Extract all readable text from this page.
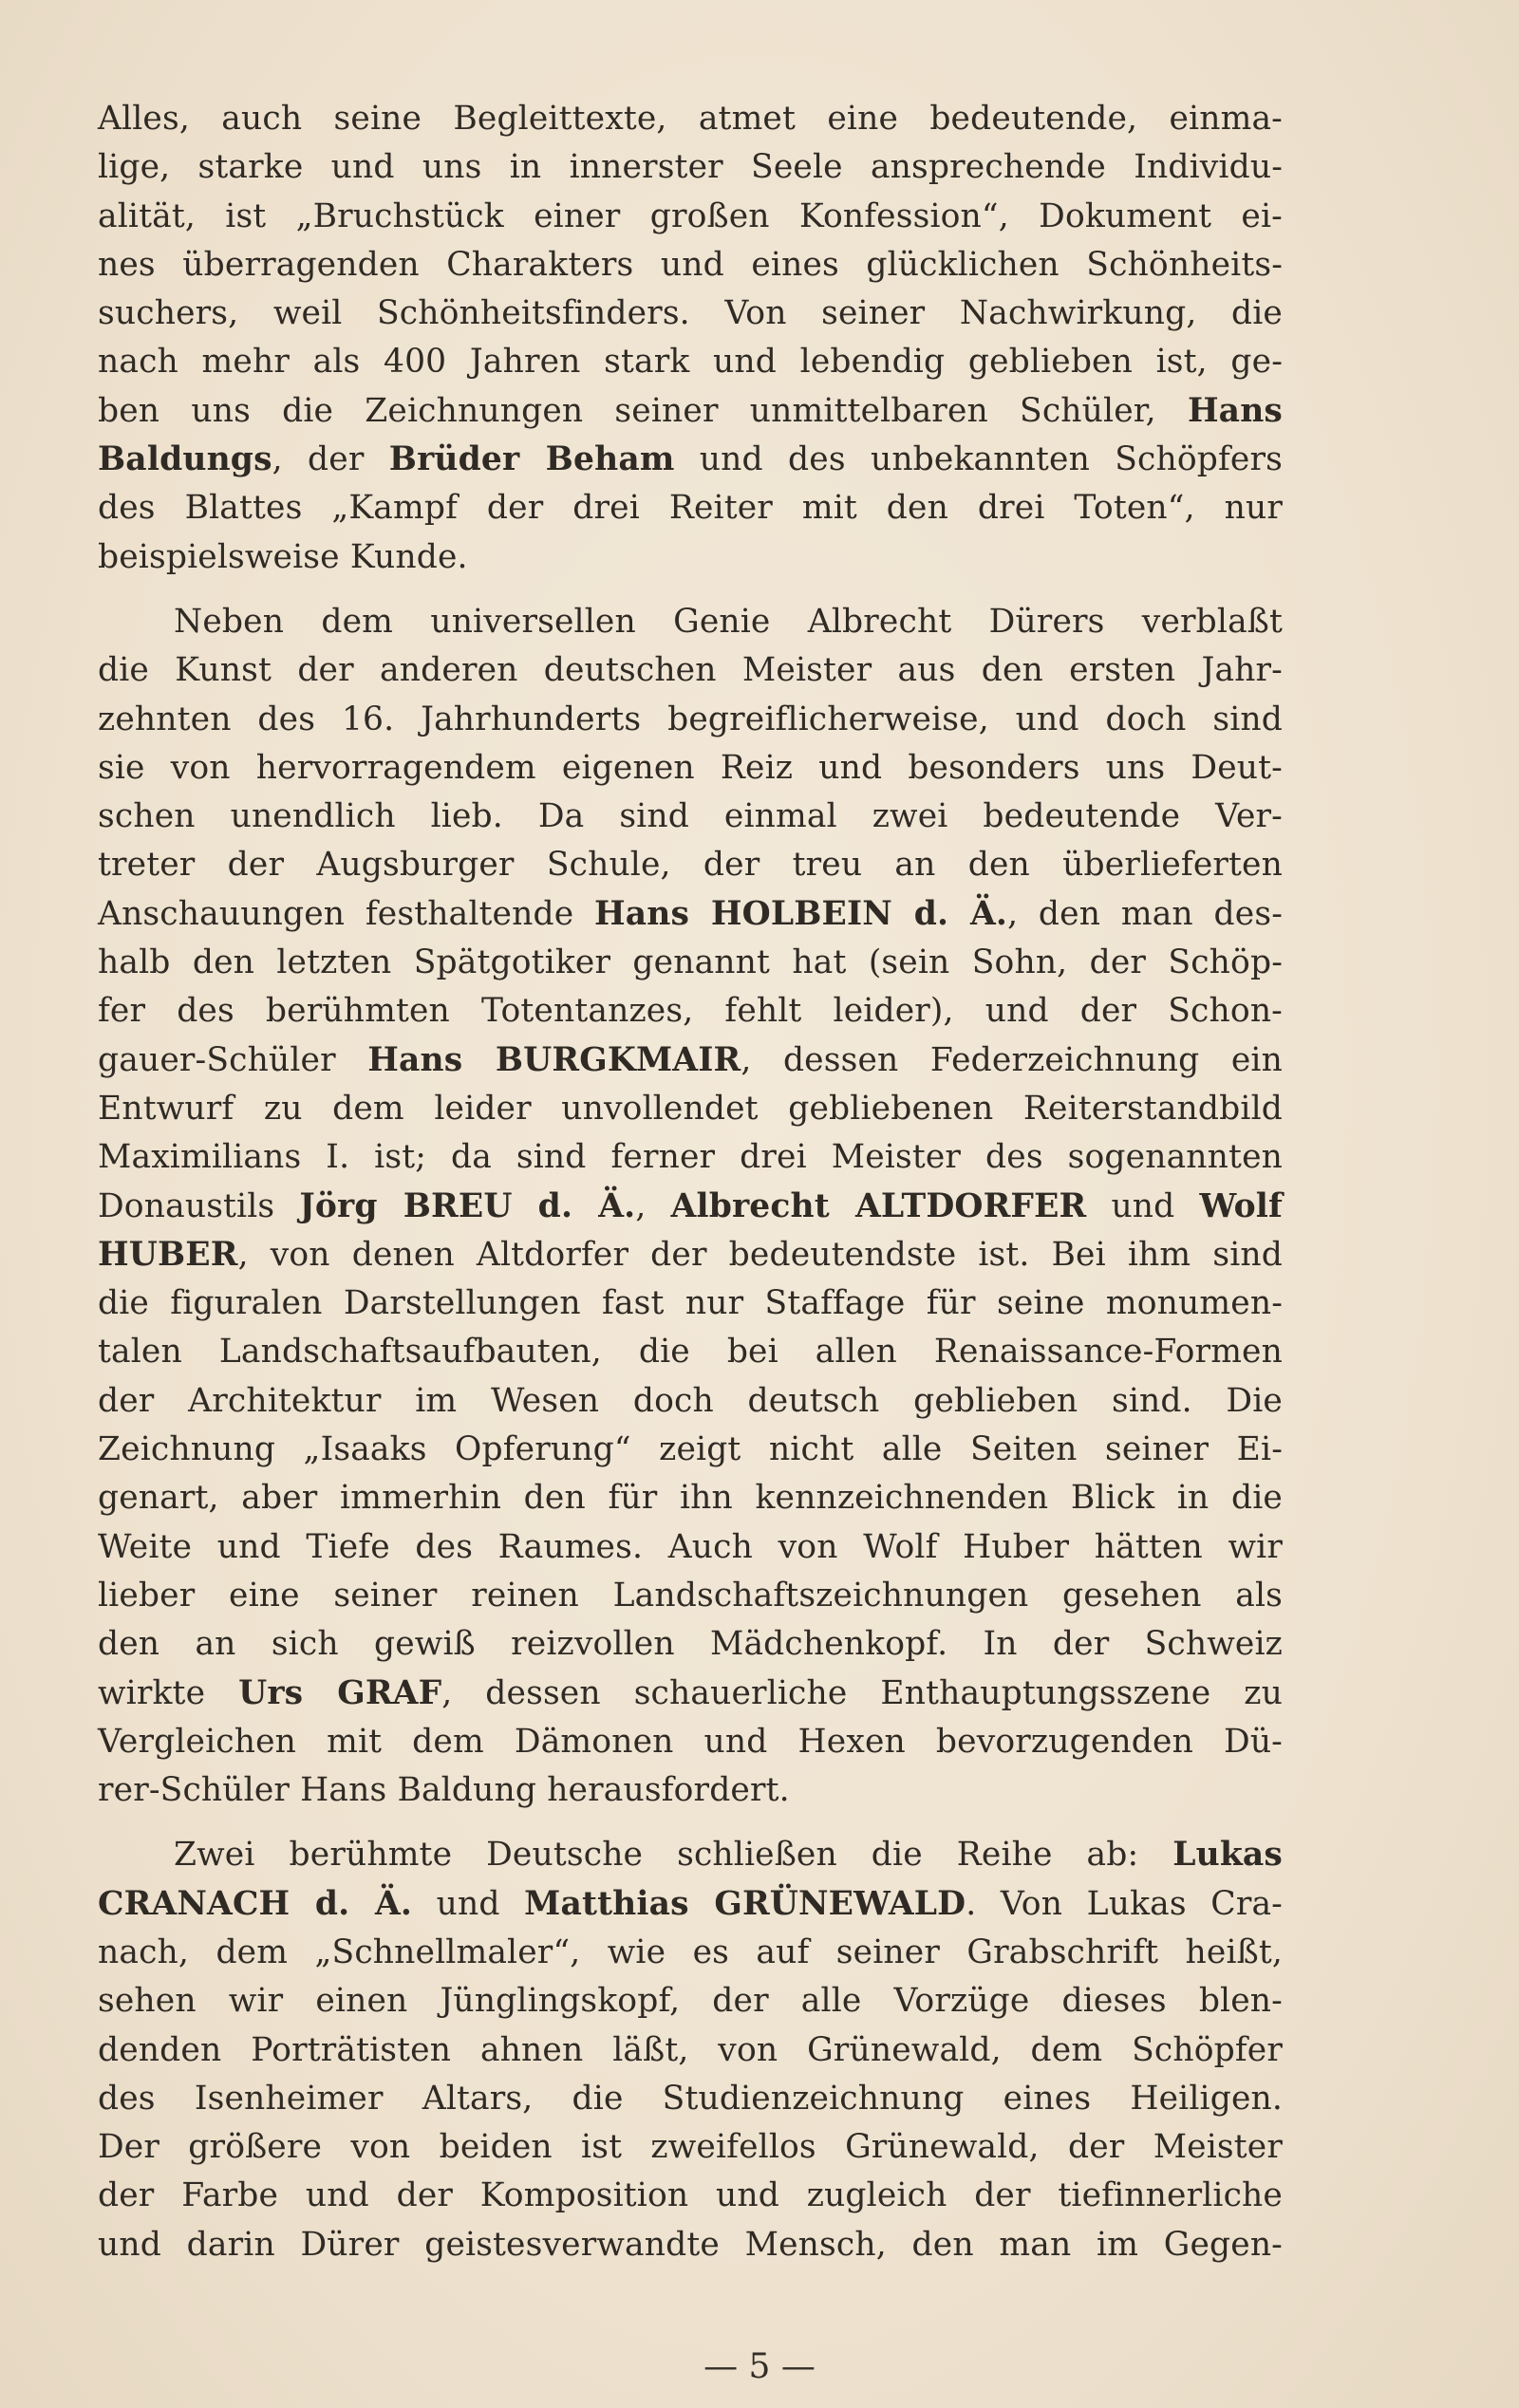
Alles, auch seine Begleittexte, atmet eine bedeutende, einma-
lige, starke und uns in innerster Seele ansprechende Individu-
alität, ist „Bruchstück einer großen Konfession“, Dokument ei-
nes überragenden Charakters und eines glücklichen Schönheits-
suchers, weil Schönheitsfinders. Von seiner Nachwirkung, die
nach mehr als 400 Jahren stark und lebendig geblieben ist, ge-
ben uns die Zeichnungen seiner unmittelbaren Schüler, Hans
Baldungs, der Brüder Beham und des unbekannten Schöpfers
des Blattes „Kampf der drei Reiter mit den drei Toten“, nur
beispielsweise Kunde.
Neben dem universellen Genie Albrecht Dürers verblaßt
die Kunst der anderen deutschen Meister aus den ersten Jahr-
zehnten des 16. Jahrhunderts begreiflicherweise, und doch sind
sie von hervorragendem eigenen Reiz und besonders uns Deut-
schen unendlich lieb. Da sind einmal zwei bedeutende Ver-
treter der Augsburger Schule, der treu an den überlieferten
Anschauungen festhaltende Hans HOLBEIN d. Ä., den man des-
halb den letzten Spätgotiker genannt hat (sein Sohn, der Schöp-
fer des berühmten Totentanzes, fehlt leider), und der Schon-
gauer-Schüler Hans BURGKMAIR, dessen Federzeichnung ein
Entwurf zu dem leider unvollendet gebliebenen Reiterstandbild
Maximilians I. ist; da sind ferner drei Meister des sogenannten
Donaustils Jörg BREU d. Ä., Albrecht ALTDORFER und Wolf
HUBER, von denen Altdorfer der bedeutendste ist. Bei ihm sind
die figuralen Darstellungen fast nur Staffage für seine monumen-
talen Landschaftsaufbauten, die bei allen Renaissance-Formen
der Architektur im Wesen doch deutsch geblieben sind. Die
Zeichnung „Isaaks Opferung“ zeigt nicht alle Seiten seiner Ei-
genart, aber immerhin den für ihn kennzeichnenden Blick in die
Weite und Tiefe des Raumes. Auch von Wolf Huber hätten wir
lieber eine seiner reinen Landschaftszeichnungen gesehen als
den an sich gewiß reizvollen Mädchenkopf. In der Schweiz
wirkte Urs GRAF, dessen schauerliche Enthauptungsszene zu
Vergleichen mit dem Dämonen und Hexen bevorzugenden Dü-
rer-Schüler Hans Baldung herausfordert.
Zwei berühmte Deutsche schließen die Reihe ab: Lukas
CRANACH d. Ä. und Matthias GRÜNEWALD. Von Lukas Cra-
nach, dem „Schnellmaler“, wie es auf seiner Grabschrift heißt,
sehen wir einen Jünglingskopf, der alle Vorzüge dieses blen-
denden Porträtisten ahnen läßt, von Grünewald, dem Schöpfer
des Isenheimer Altars, die Studienzeichnung eines Heiligen.
Der größere von beiden ist zweifellos Grünewald, der Meister
der Farbe und der Komposition und zugleich der tiefinnerliche
und darin Dürer geistesverwandte Mensch, den man im Gegen-
— 5 —
